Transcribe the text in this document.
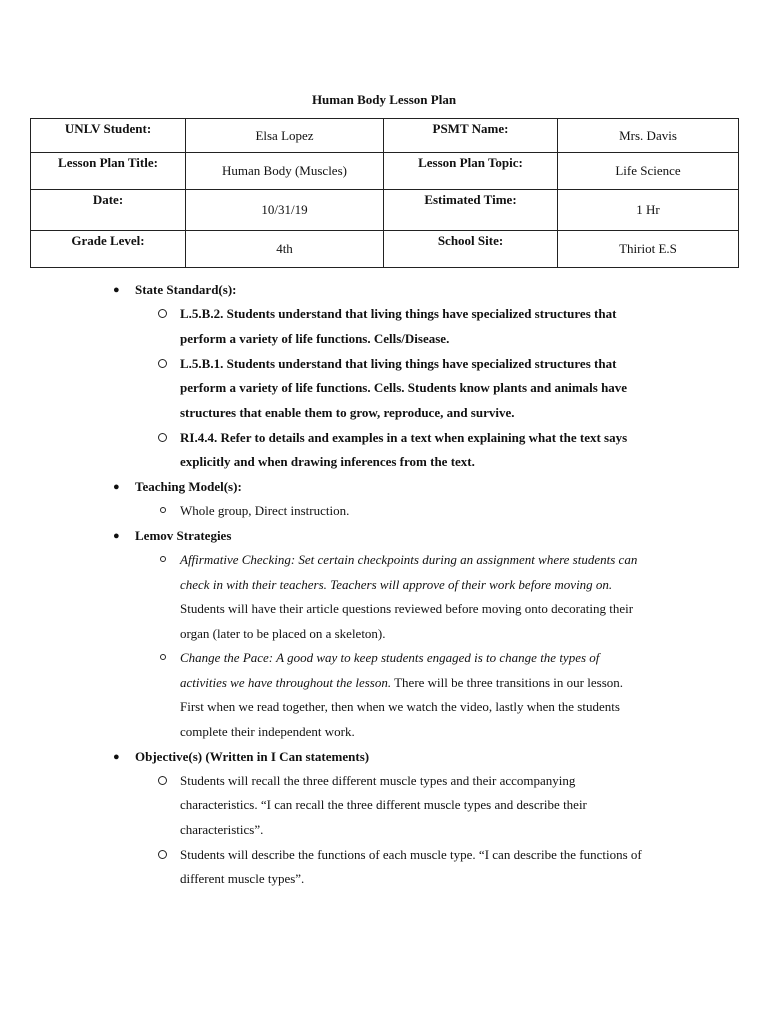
Human Body Lesson Plan
UNLV Student:	Elsa Lopez	PSMT Name:	Mrs. Davis
Lesson Plan Title:	Human Body (Muscles)	Lesson Plan Topic:	Life Science
Date:	10/31/19	Estimated Time:	1 Hr
Grade Level:	4th	School Site:	Thiriot E.S
● State Standard(s):
L.5.B.2. Students understand that living things have specialized structures that
perform a variety of life functions. Cells/Disease.
L.5.B.1. Students understand that living things have specialized structures that
perform a variety of life functions. Cells. Students know plants and animals have
structures that enable them to grow, reproduce, and survive.
RI.4.4. Refer to details and examples in a text when explaining what the text says
explicitly and when drawing inferences from the text.
● Teaching Model(s):
Whole group, Direct instruction.
● Lemov Strategies
Affirmative Checking: Set certain checkpoints during an assignment where students can
check in with their teachers. Teachers will approve of their work before moving on.
Students will have their article questions reviewed before moving onto decorating their
organ (later to be placed on a skeleton).
Change the Pace: A good way to keep students engaged is to change the types of
activities we have throughout the lesson. There will be three transitions in our lesson.
First when we read together, then when we watch the video, lastly when the students
complete their independent work.
● Objective(s) (Written in I Can statements)
Students will recall the three different muscle types and their accompanying
characteristics. “I can recall the three different muscle types and describe their
characteristics”.
Students will describe the functions of each muscle type. “I can describe the functions of
different muscle types”.
